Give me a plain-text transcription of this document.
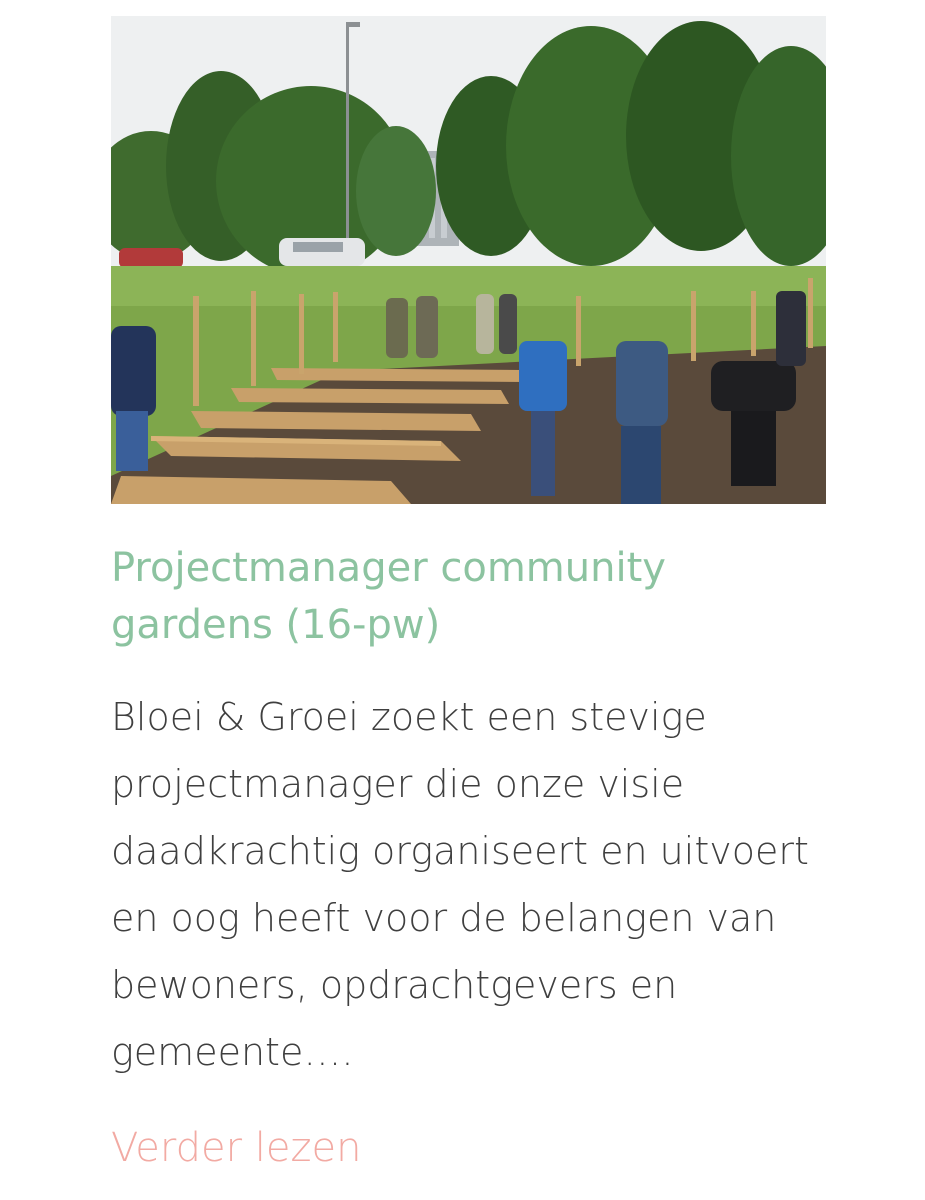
Projectmanager community gardens (16-pw)

Bloei & Groei zoekt een stevige projectmanager die onze visie daadkrachtig organiseert en uitvoert en oog heeft voor de belangen van bewoners, opdrachtgevers en gemeente….

Verder lezen
